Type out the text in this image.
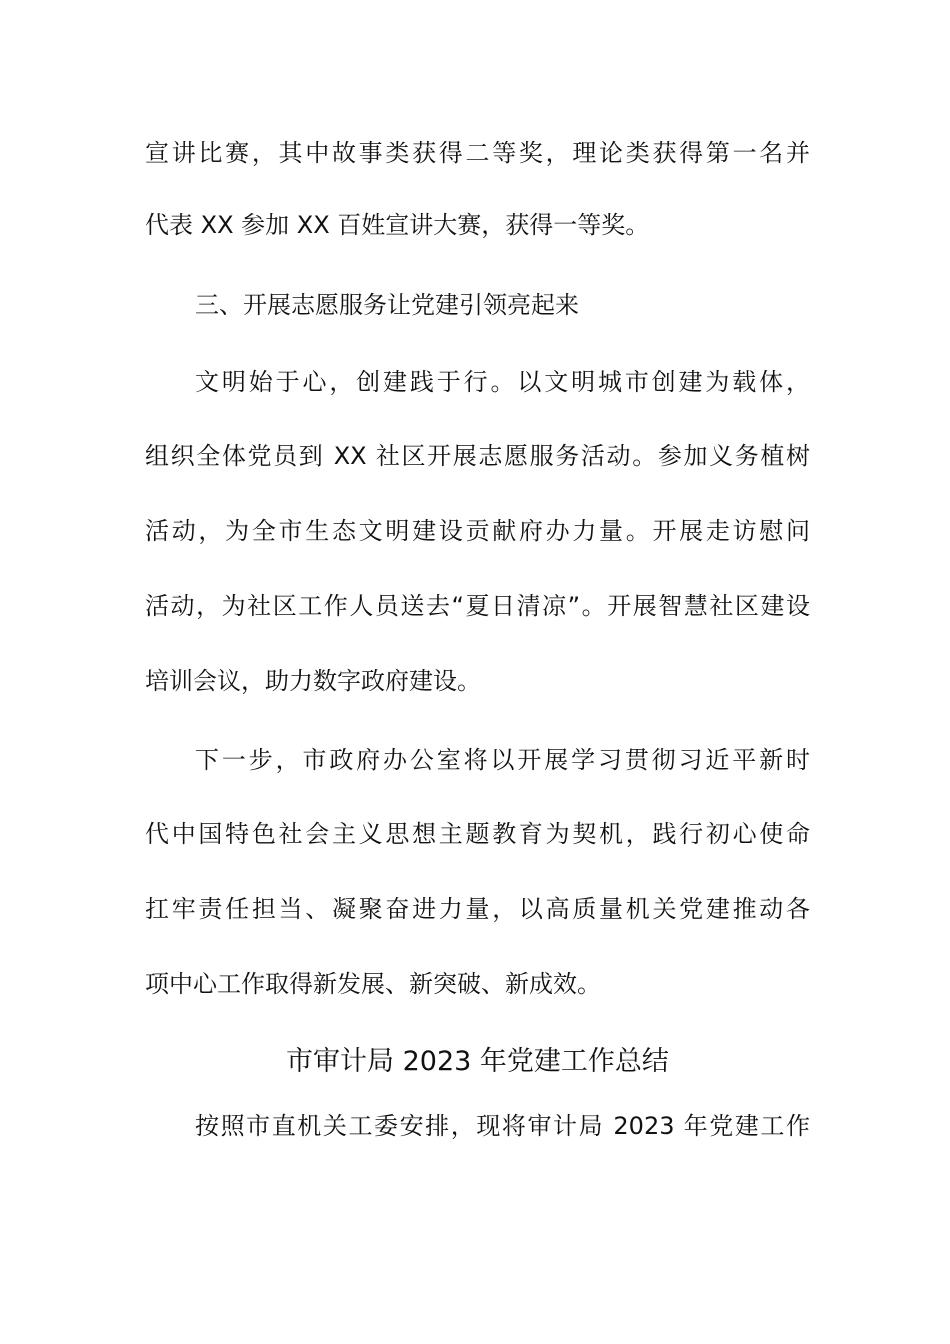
宣讲比赛，其中故事类获得二等奖，理论类获得第一名并
代表 XX 参加 XX 百姓宣讲大赛，获得一等奖。
三、开展志愿服务让党建引领亮起来
文明始于心，创建践于行。以文明城市创建为载体，
组织全体党员到 XX 社区开展志愿服务活动。参加义务植树
活动，为全市生态文明建设贡献府办力量。开展走访慰问
活动，为社区工作人员送去“夏日清凉”。开展智慧社区建设
培训会议，助力数字政府建设。
下一步，市政府办公室将以开展学习贯彻习近平新时
代中国特色社会主义思想主题教育为契机，践行初心使命
扛牢责任担当、凝聚奋进力量，以高质量机关党建推动各
项中心工作取得新发展、新突破、新成效。
市审计局 2023 年党建工作总结
按照市直机关工委安排，现将审计局 2023 年党建工作
